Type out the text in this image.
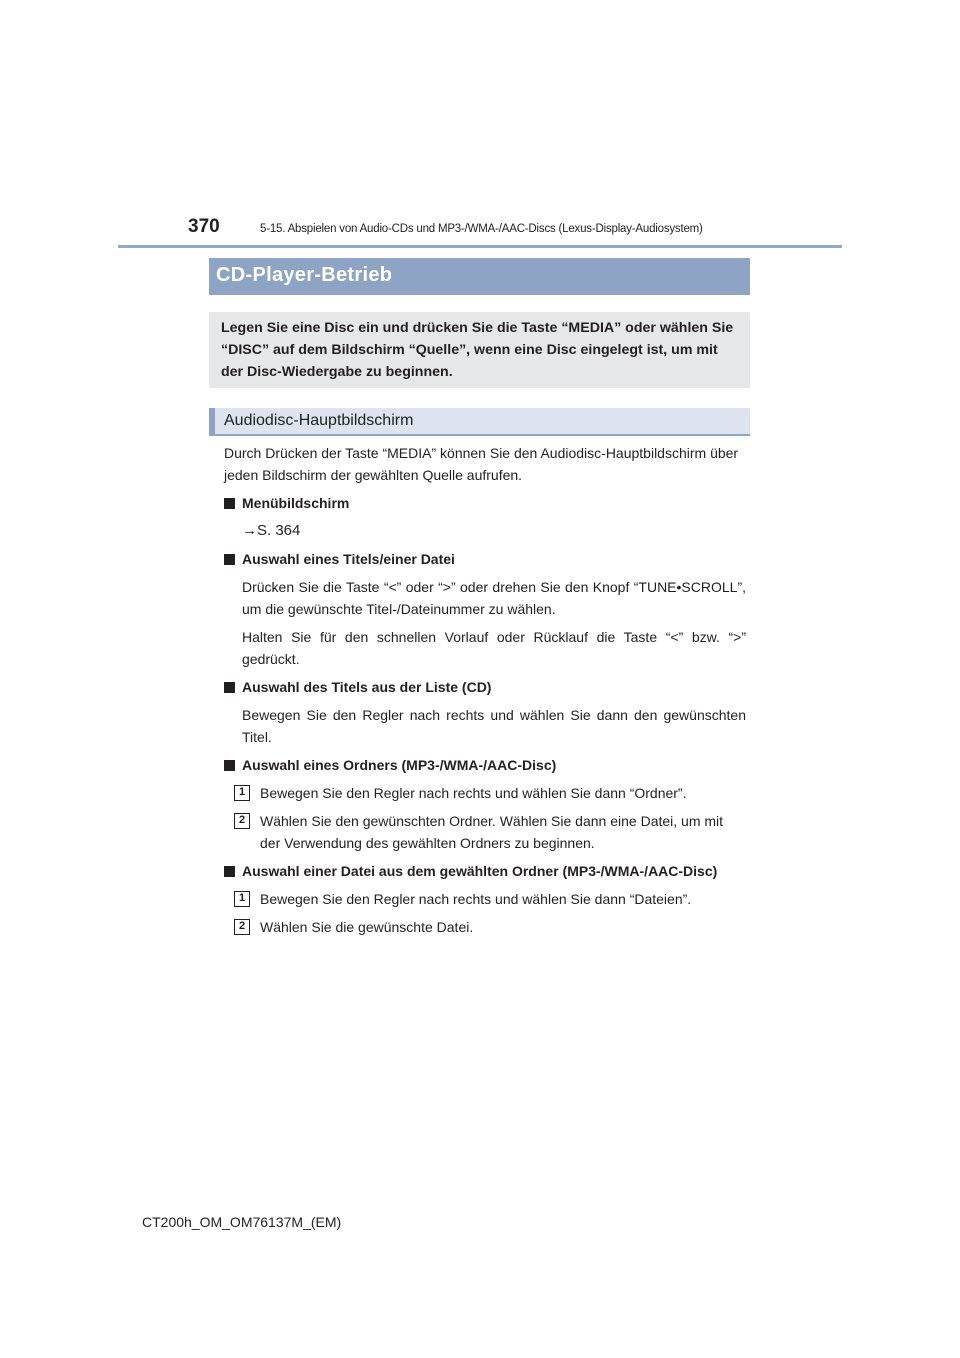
370	5-15. Abspielen von Audio-CDs und MP3-/WMA-/AAC-Discs (Lexus-Display-Audiosystem)
CD-Player-Betrieb
Legen Sie eine Disc ein und drücken Sie die Taste “MEDIA” oder wählen Sie “DISC” auf dem Bildschirm “Quelle”, wenn eine Disc eingelegt ist, um mit der Disc-Wiedergabe zu beginnen.
Audiodisc-Hauptbildschirm

Durch Drücken der Taste “MEDIA” können Sie den Audiodisc-Hauptbildschirm über jeden Bildschirm der gewählten Quelle aufrufen.

Menübildschirm

→S. 364

Auswahl eines Titels/einer Datei

Drücken Sie die Taste “<” oder “>” oder drehen Sie den Knopf “TUNE•SCROLL”, um die gewünschte Titel-/Dateinummer zu wählen.

Halten Sie für den schnellen Vorlauf oder Rücklauf die Taste “<” bzw. “>” gedrückt.

Auswahl des Titels aus der Liste (CD)

Bewegen Sie den Regler nach rechts und wählen Sie dann den gewünschten Titel.

Auswahl eines Ordners (MP3-/WMA-/AAC-Disc)
1	Bewegen Sie den Regler nach rechts und wählen Sie dann “Ordner”.
2	Wählen Sie den gewünschten Ordner. Wählen Sie dann eine Datei, um mit der Verwendung des gewählten Ordners zu beginnen.
Auswahl einer Datei aus dem gewählten Ordner (MP3-/WMA-/AAC-Disc)
1	Bewegen Sie den Regler nach rechts und wählen Sie dann “Dateien”.
2	Wählen Sie die gewünschte Datei.
CT200h_OM_OM76137M_(EM)
